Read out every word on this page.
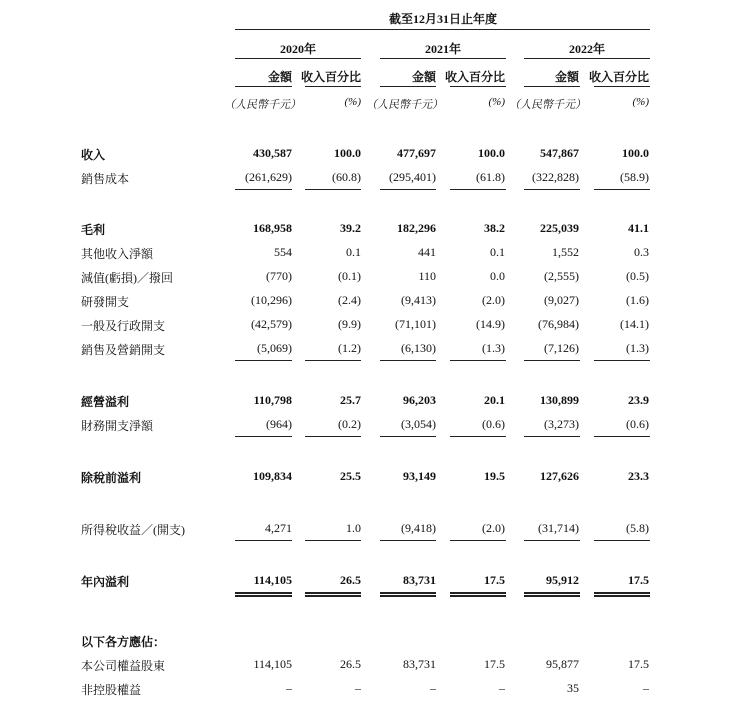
截至12月31日止年度
2020年	2021年	2022年
金額 收入百分比	金額 收入百分比	金額 收入百分比
（人民幣千元）	(%) （人民幣千元）	(%) （人民幣千元）	(%)
收入	430,587	100.0	477,697	100.0	547,867	100.0
銷售成本	(261,629)	(60.8)	(295,401)	(61.8)	(322,828)	(58.9)
毛利	168,958	39.2	182,296	38.2	225,039	41.1
其他收入淨額	554	0.1	441	0.1	1,552	0.3
減值(虧損)／撥回	(770)	(0.1)	110	0.0	(2,555)	(0.5)
研發開支	(10,296)	(2.4)	(9,413)	(2.0)	(9,027)	(1.6)
一般及行政開支	(42,579)	(9.9)	(71,101)	(14.9)	(76,984)	(14.1)
銷售及營銷開支	(5,069)	(1.2)	(6,130)	(1.3)	(7,126)	(1.3)
經營溢利	110,798	25.7	96,203	20.1	130,899	23.9
財務開支淨額	(964)	(0.2)	(3,054)	(0.6)	(3,273)	(0.6)
除稅前溢利	109,834	25.5	93,149	19.5	127,626	23.3
所得稅收益／(開支)	4,271	1.0	(9,418)	(2.0)	(31,714)	(5.8)
年內溢利	114,105	26.5	83,731	17.5	95,912	17.5
以下各方應佔：
本公司權益股東	114,105	26.5	83,731	17.5	95,877	17.5
非控股權益	–	–	–	–	35	–
